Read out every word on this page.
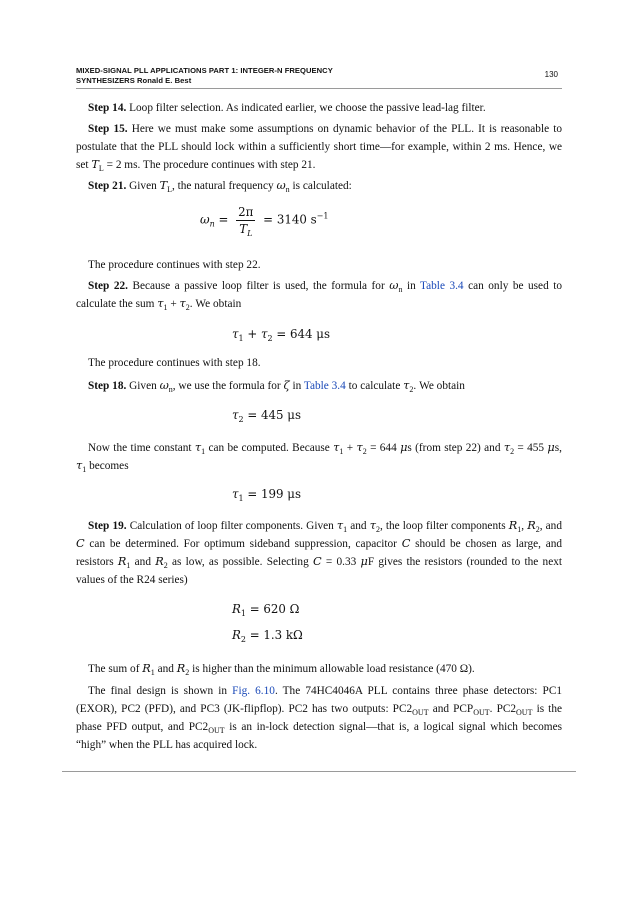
MIXED-SIGNAL PLL APPLICATIONS PART 1: INTEGER-N FREQUENCY
SYNTHESIZERS Ronald E. Best
130
Step 14. Loop filter selection. As indicated earlier, we choose the passive lead-lag filter.
Step 15. Here we must make some assumptions on dynamic behavior of the PLL. It is reasonable to postulate that the PLL should lock within a sufficiently short time—for example, within 2 ms. Hence, we set $T_L = 2$ ms. The procedure continues with step 21.
Step 21. Given $T_L$, the natural frequency $\omega_n$ is calculated:
$\omega_n = \frac{2\pi}{T_L} = 3140$ $s^{-1}$
The procedure continues with step 22.
Step 22. Because a passive loop filter is used, the formula for $\omega_n$ in Table 3.4 can only be used to calculate the sum $\tau_1 + \tau_2$. We obtain
$\tau_1 + \tau_2 = 644$ μs
The procedure continues with step 18.
Step 18. Given $\omega_n$, we use the formula for ζ in Table 3.4 to calculate $\tau_2$. We obtain
$\tau_2 = 445$ μs
Now the time constant $\tau_1$ can be computed. Because $\tau_1 + \tau_2 = 644$ μs (from step 22) and $\tau_2 = 455$ μs, $\tau_1$ becomes
$\tau_1 = 199$ μs
Step 19. Calculation of loop filter components. Given $\tau_1$ and $\tau_2$, the loop filter components $R_1$, $R_2$, and C can be determined. For optimum sideband suppression, capacitor C should be chosen as large, and resistors $R_1$ and $R_2$ as low, as possible. Selecting C = 0.33 μF gives the resistors (rounded to the next values of the R24 series)
$R_1 = 620$ Ω
$R_2 = 1.3$ kΩ
The sum of $R_1$ and $R_2$ is higher than the minimum allowable load resistance (470 Ω).
The final design is shown in Fig. 6.10. The 74HC4046A PLL contains three phase detectors: PC1 (EXOR), PC2 (PFD), and PC3 (JK-flipflop). PC2 has two outputs: $PC2_{OUT}$ and $PCP_{OUT}$. $PC2_{OUT}$ is the phase PFD output, and $PC2_{OUT}$ is an in-lock detection signal—that is, a logical signal which becomes “high” when the PLL has acquired lock.
